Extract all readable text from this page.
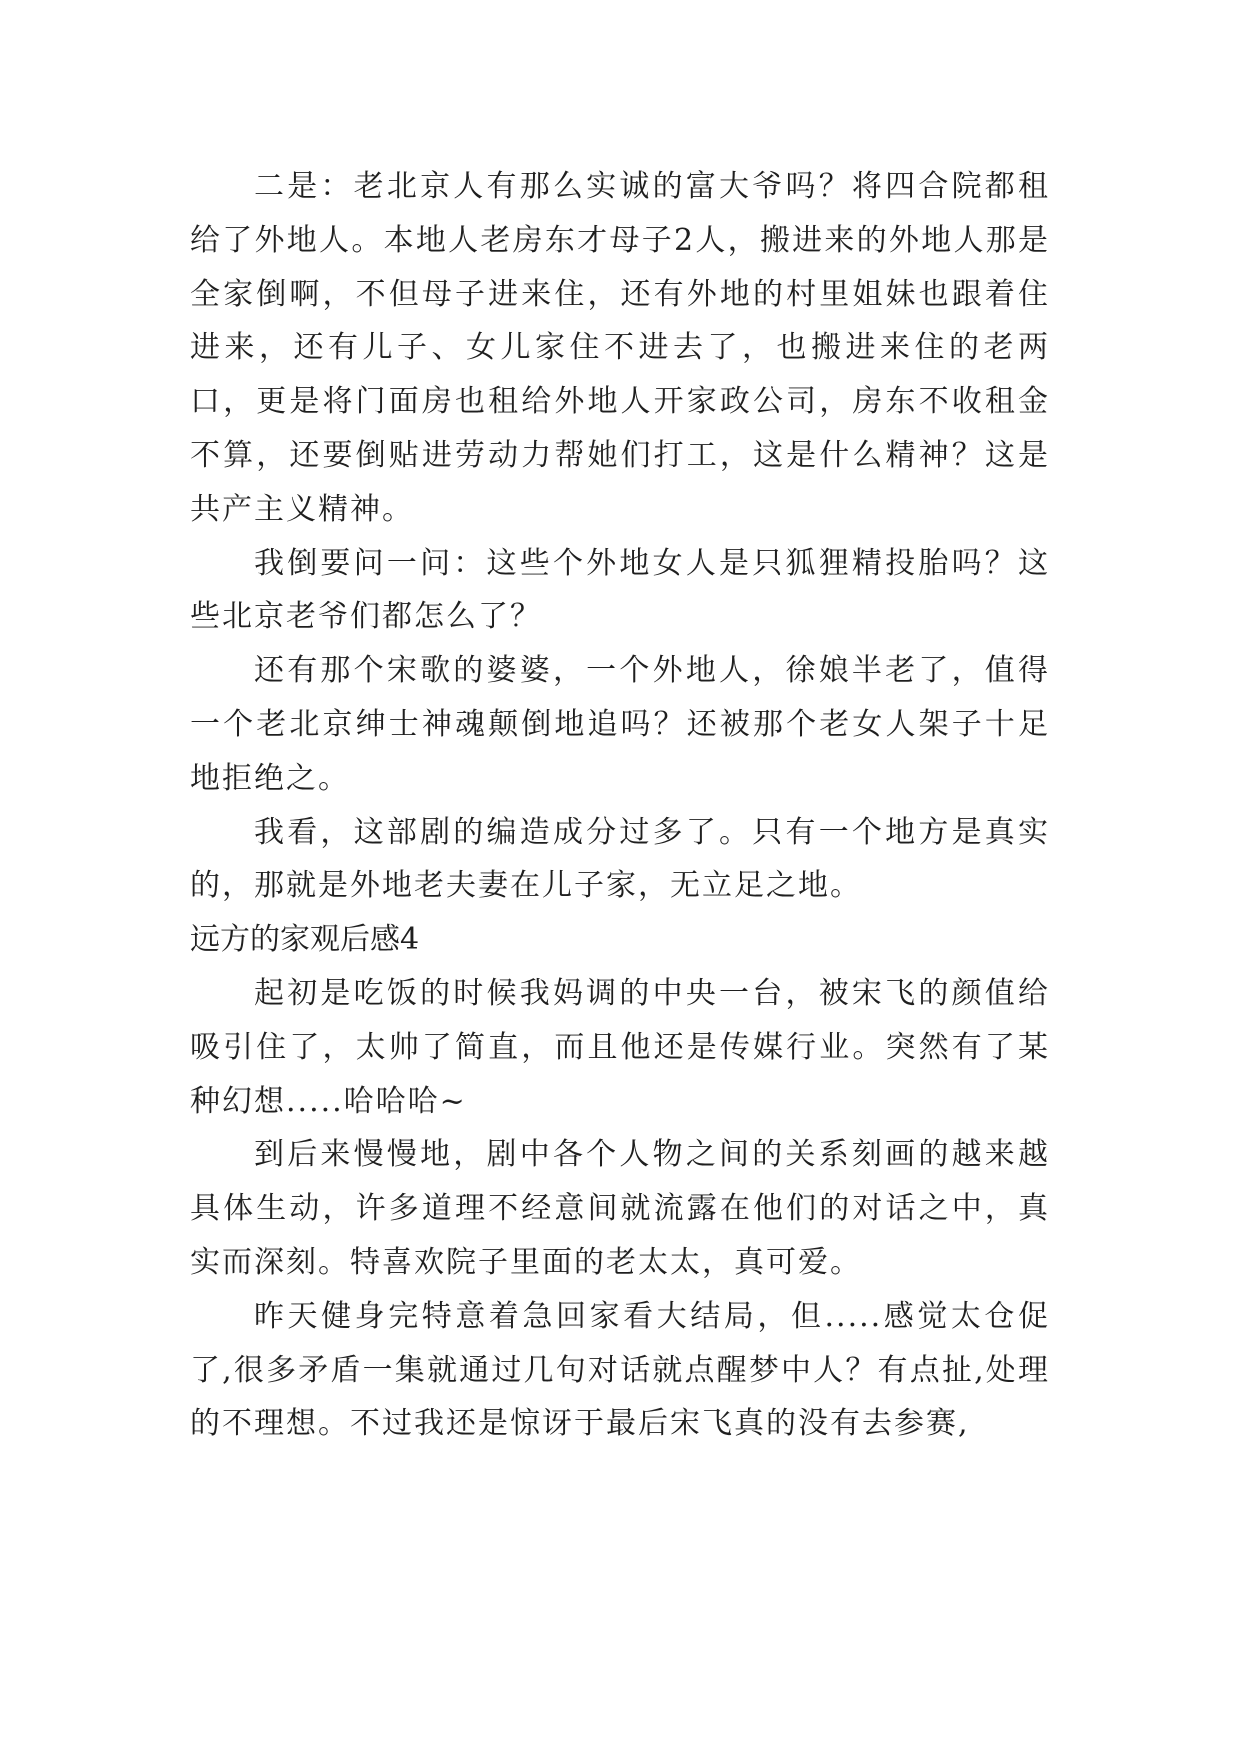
二是：老北京人有那么实诚的富大爷吗？将四合院都租给了外地人。本地人老房东才母子2人，搬进来的外地人那是全家倒啊，不但母子进来住，还有外地的村里姐妹也跟着住进来，还有儿子、女儿家住不进去了，也搬进来住的老两口，更是将门面房也租给外地人开家政公司，房东不收租金不算，还要倒贴进劳动力帮她们打工，这是什么精神？这是共产主义精神。

我倒要问一问：这些个外地女人是只狐狸精投胎吗？这些北京老爷们都怎么了？

还有那个宋歌的婆婆，一个外地人，徐娘半老了，值得一个老北京绅士神魂颠倒地追吗？还被那个老女人架子十足地拒绝之。

我看，这部剧的编造成分过多了。只有一个地方是真实的，那就是外地老夫妻在儿子家，无立足之地。

远方的家观后感4

起初是吃饭的时候我妈调的中央一台，被宋飞的颜值给吸引住了，太帅了简直，而且他还是传媒行业。突然有了某种幻想.....哈哈哈~

到后来慢慢地，剧中各个人物之间的关系刻画的越来越具体生动，许多道理不经意间就流露在他们的对话之中，真实而深刻。特喜欢院子里面的老太太，真可爱。

昨天健身完特意着急回家看大结局，但.....感觉太仓促了,很多矛盾一集就通过几句对话就点醒梦中人？有点扯,处理的不理想。不过我还是惊讶于最后宋飞真的没有去参赛,
